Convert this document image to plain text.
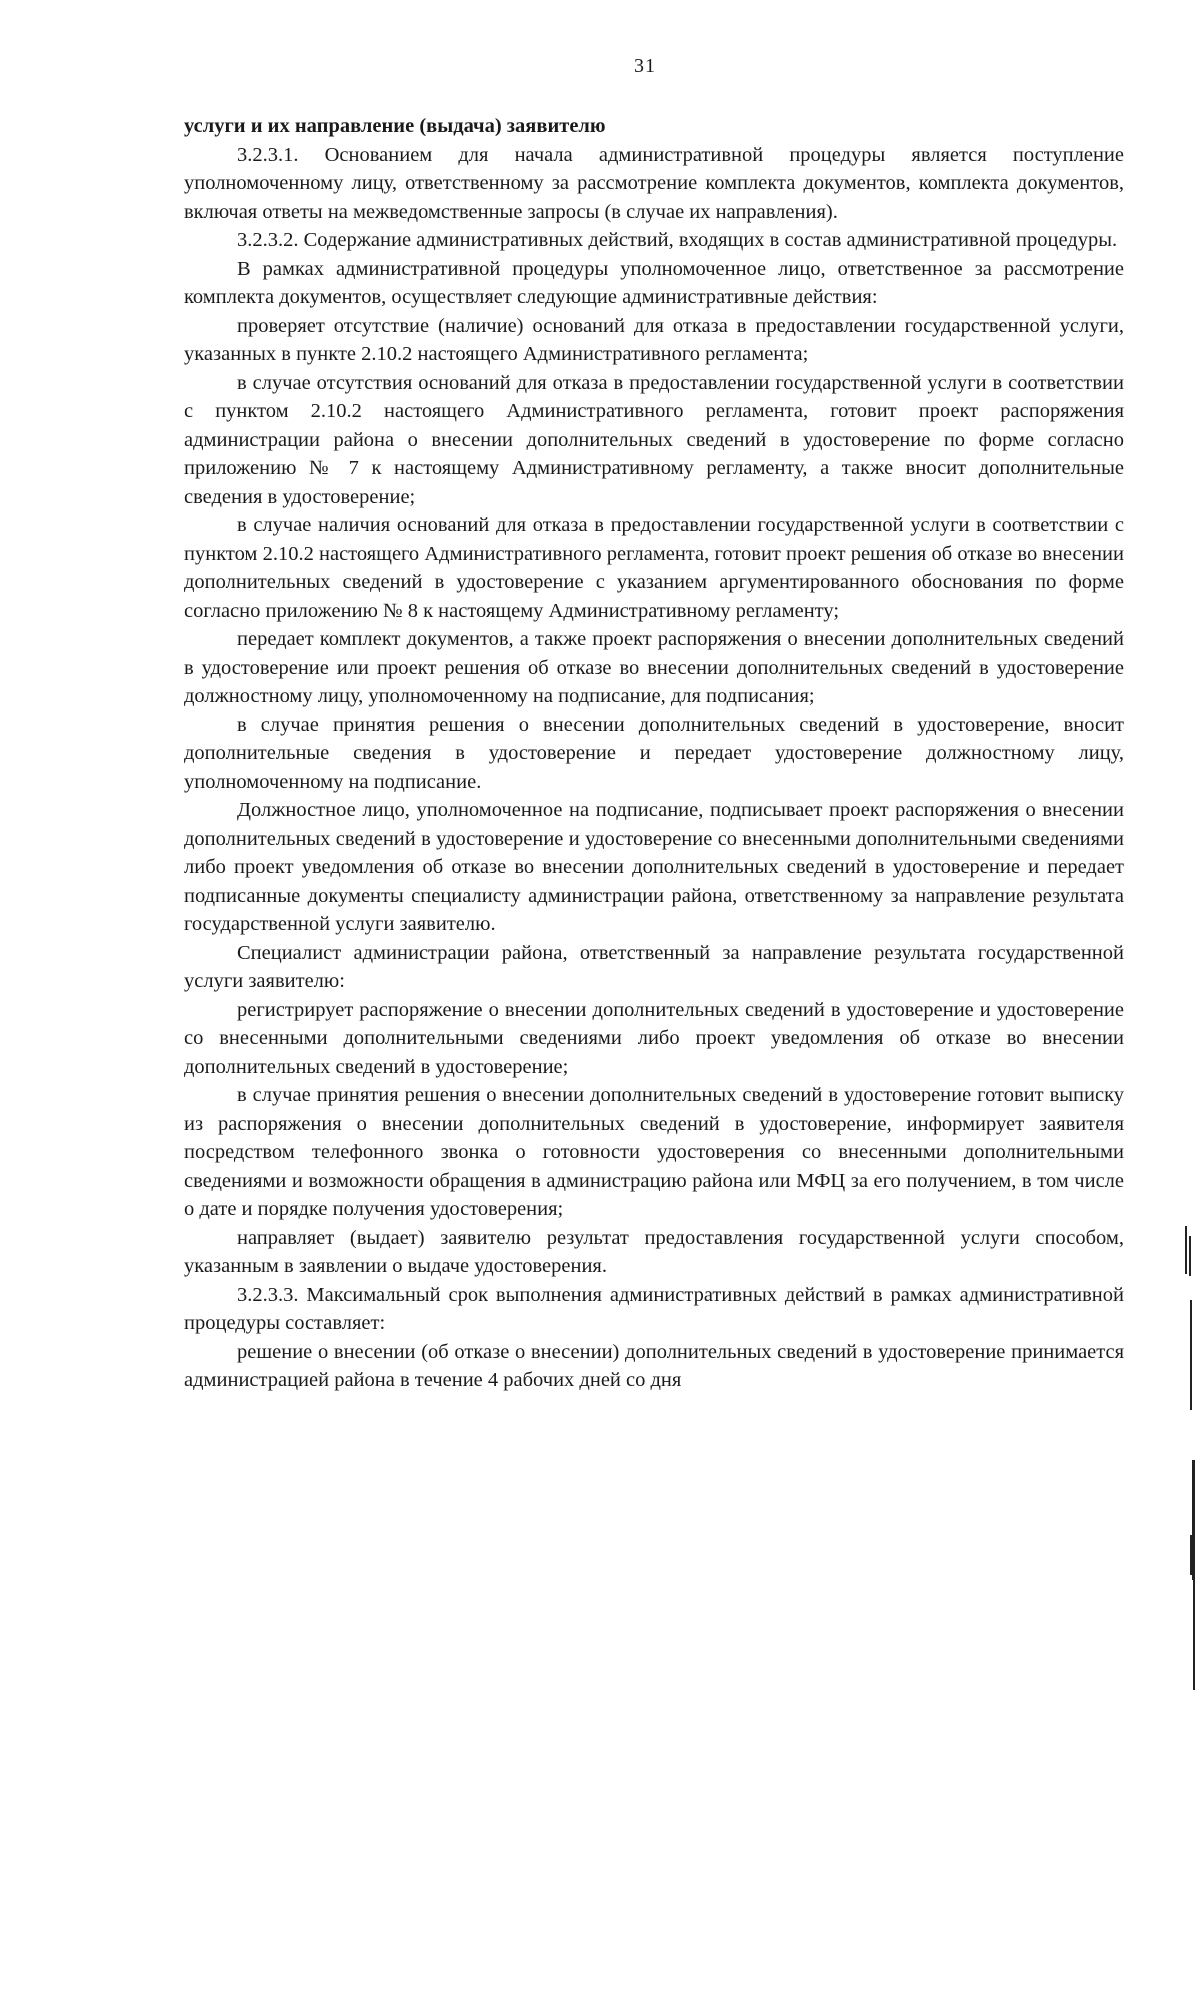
31

услуги и их направление (выдача) заявителю

3.2.3.1. Основанием для начала административной процедуры является поступление уполномоченному лицу, ответственному за рассмотрение комплекта документов, комплекта документов, включая ответы на межведомственные запросы (в случае их направления).

3.2.3.2. Содержание административных действий, входящих в состав административной процедуры.

В рамках административной процедуры уполномоченное лицо, ответственное за рассмотрение комплекта документов, осуществляет следующие административные действия:

проверяет отсутствие (наличие) оснований для отказа в предоставлении государственной услуги, указанных в пункте 2.10.2 настоящего Административного регламента;

в случае отсутствия оснований для отказа в предоставлении государственной услуги в соответствии с пунктом 2.10.2 настоящего Административного регламента, готовит проект распоряжения администрации района о внесении дополнительных сведений в удостоверение по форме согласно приложению № 7 к настоящему Административному регламенту, а также вносит дополнительные сведения в удостоверение;

в случае наличия оснований для отказа в предоставлении государственной услуги в соответствии с пунктом 2.10.2 настоящего Административного регламента, готовит проект решения об отказе во внесении дополнительных сведений в удостоверение с указанием аргументированного обоснования по форме согласно приложению № 8 к настоящему Административному регламенту;

передает комплект документов, а также проект распоряжения о внесении дополнительных сведений в удостоверение или проект решения об отказе во внесении дополнительных сведений в удостоверение должностному лицу, уполномоченному на подписание, для подписания;

в случае принятия решения о внесении дополнительных сведений в удостоверение, вносит дополнительные сведения в удостоверение и передает удостоверение должностному лицу, уполномоченному на подписание.

Должностное лицо, уполномоченное на подписание, подписывает проект распоряжения о внесении дополнительных сведений в удостоверение и удостоверение со внесенными дополнительными сведениями либо проект уведомления об отказе во внесении дополнительных сведений в удостоверение и передает подписанные документы специалисту администрации района, ответственному за направление результата государственной услуги заявителю.

Специалист администрации района, ответственный за направление результата государственной услуги заявителю:

регистрирует распоряжение о внесении дополнительных сведений в удостоверение и удостоверение со внесенными дополнительными сведениями либо проект уведомления об отказе во внесении дополнительных сведений в удостоверение;

в случае принятия решения о внесении дополнительных сведений в удостоверение готовит выписку из распоряжения о внесении дополнительных сведений в удостоверение, информирует заявителя посредством телефонного звонка о готовности удостоверения со внесенными дополнительными сведениями и возможности обращения в администрацию района или МФЦ за его получением, в том числе о дате и порядке получения удостоверения;

направляет (выдает) заявителю результат предоставления государственной услуги способом, указанным в заявлении о выдаче удостоверения.

3.2.3.3. Максимальный срок выполнения административных действий в рамках административной процедуры составляет:

решение о внесении (об отказе о внесении) дополнительных сведений в удостоверение принимается администрацией района в течение 4 рабочих дней со дня
